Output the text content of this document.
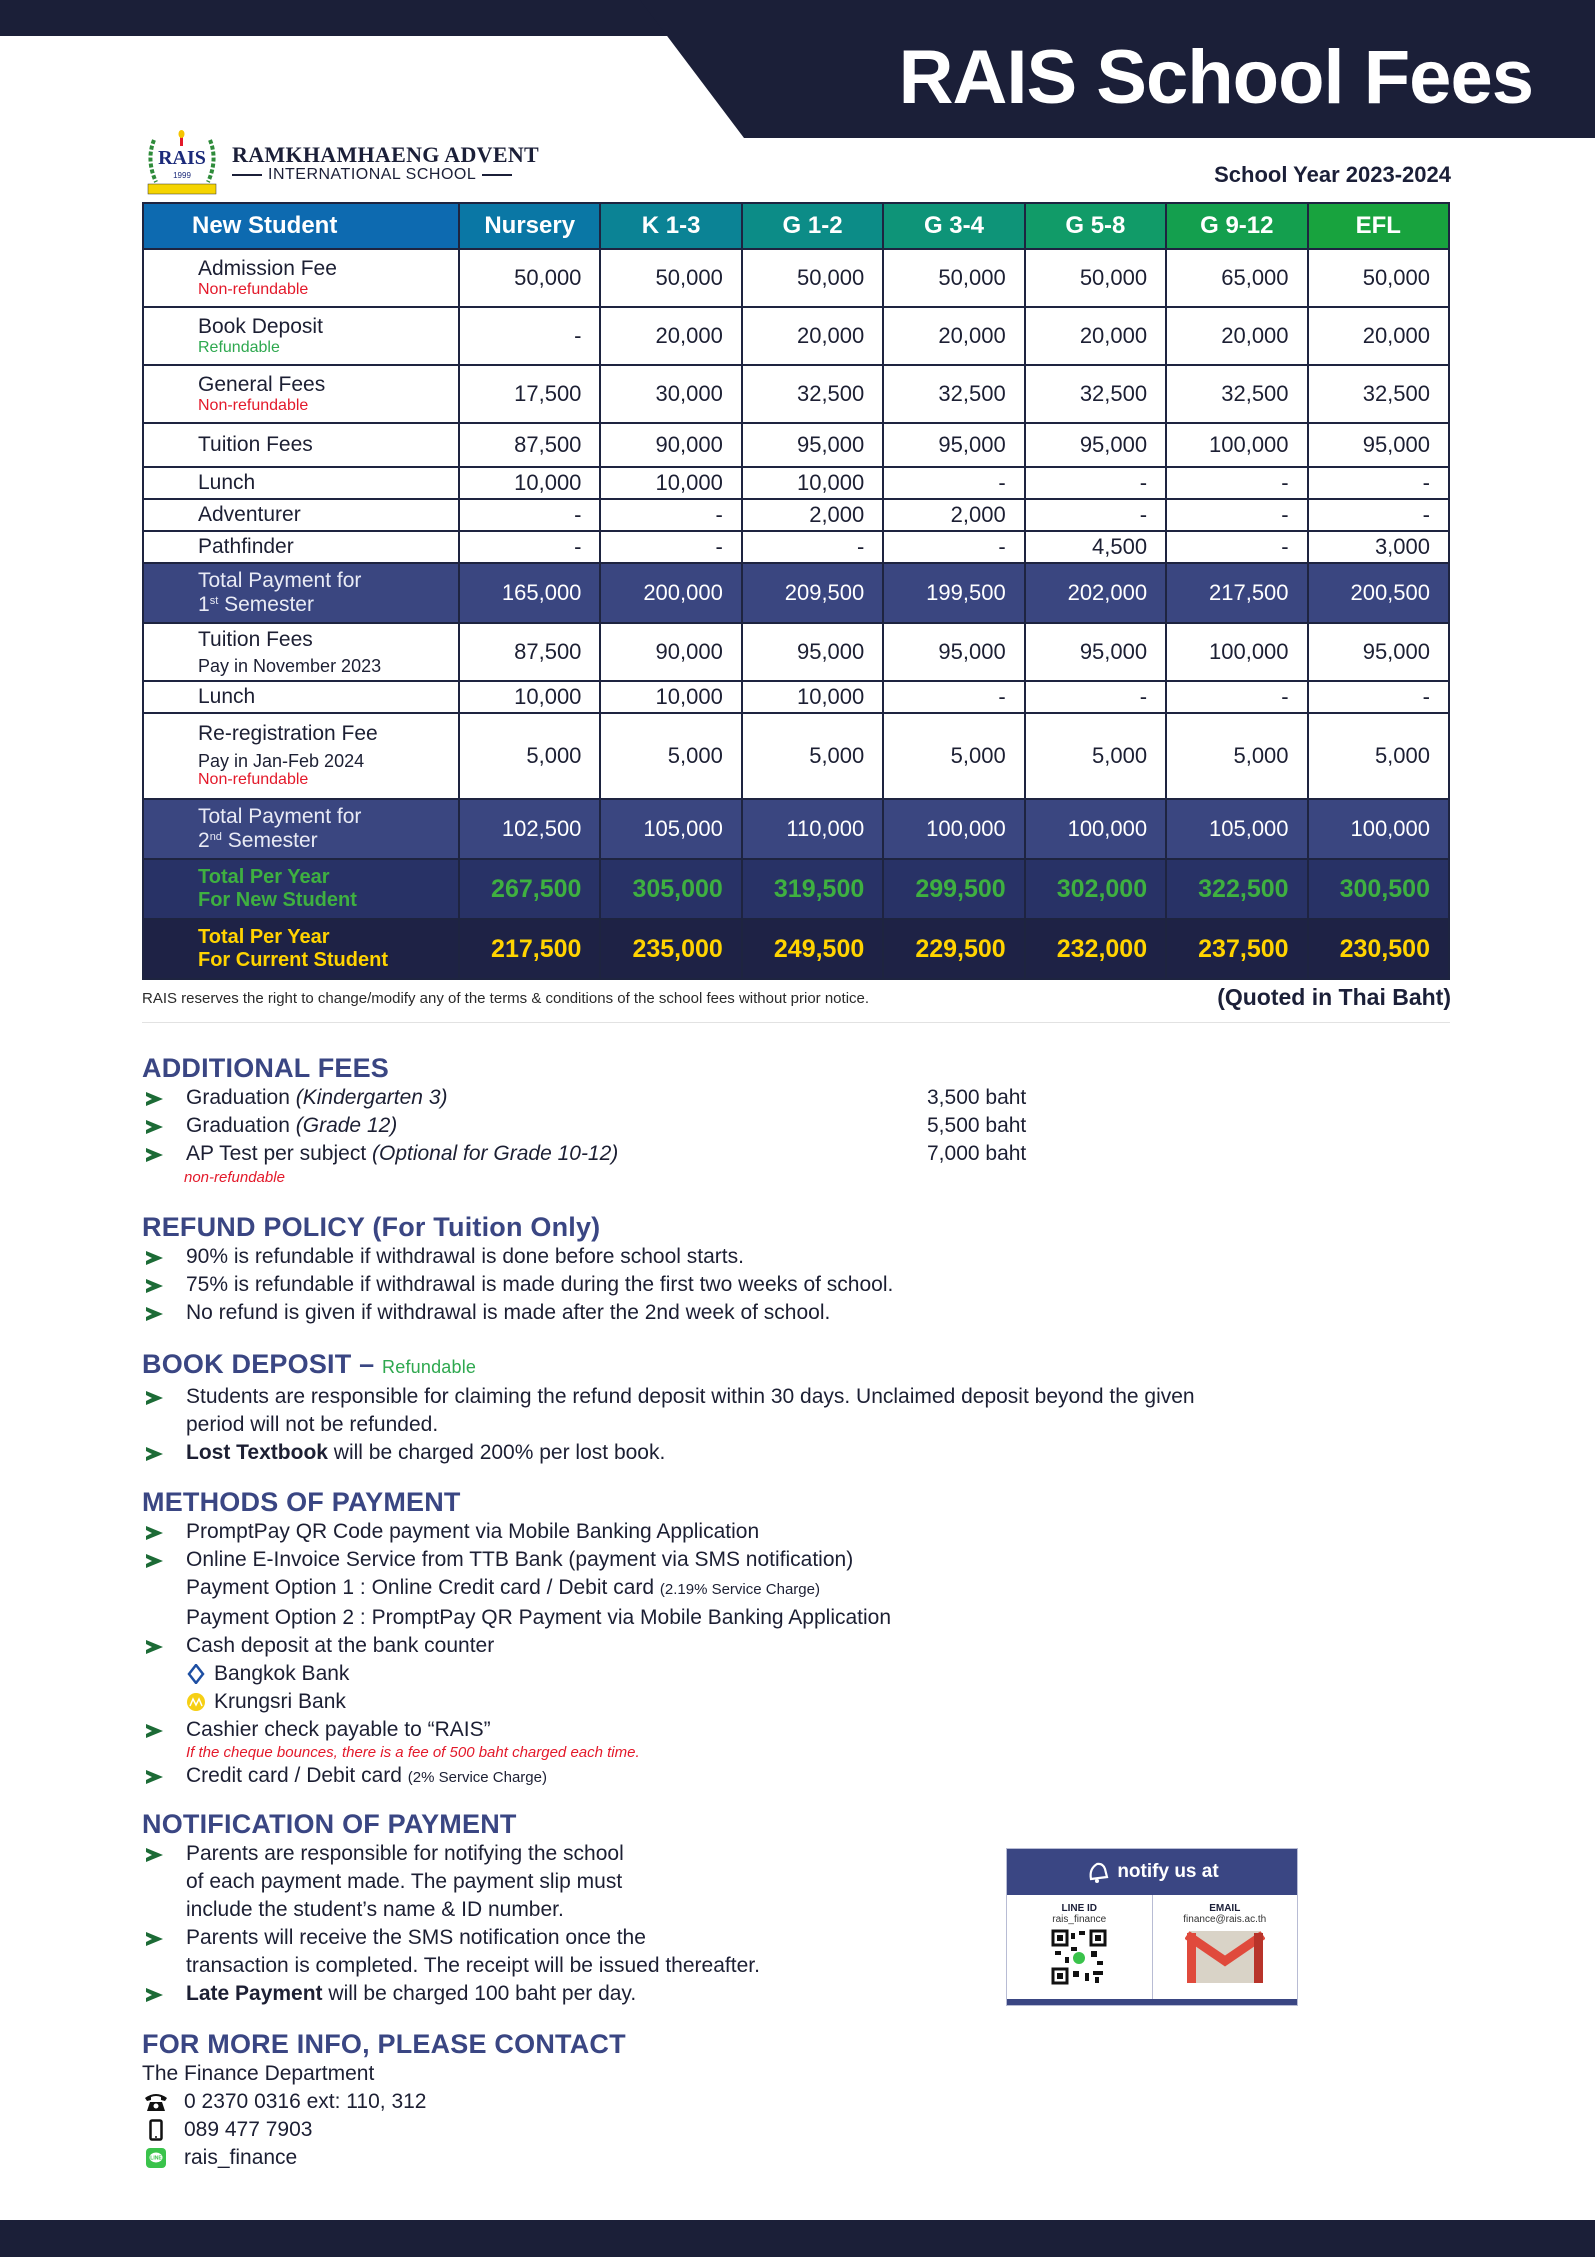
RAIS School Fees
RAIS
1999
RAMKHAMHAENG ADVENT
INTERNATIONAL SCHOOL	School Year 2023-2024
New Student	Nursery	K 1-3	G 1-2	G 3-4	G 5-8	G 9-12	EFL
Admission Fee
Non-refundable	50,000	50,000	50,000	50,000	50,000	65,000	50,000
Book Deposit
Refundable	-	20,000	20,000	20,000	20,000	20,000	20,000
General Fees
Non-refundable	17,500	30,000	32,500	32,500	32,500	32,500	32,500
Tuition Fees	87,500	90,000	95,000	95,000	95,000	100,000	95,000
Lunch	10,000	10,000	10,000	-	-	-	-
Adventurer	-	-	2,000	2,000	-	-	-
Pathfinder	-	-	-	-	4,500	-	3,000
Total Payment for
1st Semester	165,000	200,000	209,500	199,500	202,000	217,500	200,500
Tuition Fees
Pay in November 2023	87,500	90,000	95,000	95,000	95,000	100,000	95,000
Lunch	10,000	10,000	10,000	-	-	-	-
Re-registration Fee
Pay in Jan-Feb 2024
Non-refundable	5,000	5,000	5,000	5,000	5,000	5,000	5,000
Total Payment for
2nd Semester	102,500	105,000	110,000	100,000	100,000	105,000	100,000
Total Per Year
For New Student	267,500	305,000	319,500	299,500	302,000	322,500	300,500
Total Per Year
For Current Student	217,500	235,000	249,500	229,500	232,000	237,500	230,500
RAIS reserves the right to change/modify any of the terms & conditions of the school fees without prior notice.	(Quoted in Thai Baht)
ADDITIONAL FEES
Graduation (Kindergarten 3)	3,500 baht
Graduation (Grade 12)	5,500 baht
AP Test per subject (Optional for Grade 10-12)	7,000 baht
non-refundable
REFUND POLICY (For Tuition Only)
90% is refundable if withdrawal is done before school starts.
75% is refundable if withdrawal is made during the first two weeks of school.
No refund is given if withdrawal is made after the 2nd week of school.
BOOK DEPOSIT – Refundable
Students are responsible for claiming the refund deposit within 30 days. Unclaimed deposit beyond the given
period will not be refunded.
Lost Textbook will be charged 200% per lost book.
METHODS OF PAYMENT
PromptPay QR Code payment via Mobile Banking Application
Online E-Invoice Service from TTB Bank (payment via SMS notification)
Payment Option 1 : Online Credit card / Debit card (2.19% Service Charge)
Payment Option 2 : PromptPay QR Payment via Mobile Banking Application
Cash deposit at the bank counter
Bangkok Bank
Krungsri Bank
Cashier check payable to “RAIS”
If the cheque bounces, there is a fee of 500 baht charged each time.
Credit card / Debit card (2% Service Charge)
NOTIFICATION OF PAYMENT
Parents are responsible for notifying the school
of each payment made. The payment slip must
include the student’s name & ID number.
Parents will receive the SMS notification once the
transaction is completed. The receipt will be issued thereafter.
Late Payment will be charged 100 baht per day.
notify us at
LINE ID
rais_finance
EMAIL
finance@rais.ac.th
FOR MORE INFO, PLEASE CONTACT
The Finance Department
0 2370 0316 ext: 110, 312
089 477 7903
LINE rais_finance
